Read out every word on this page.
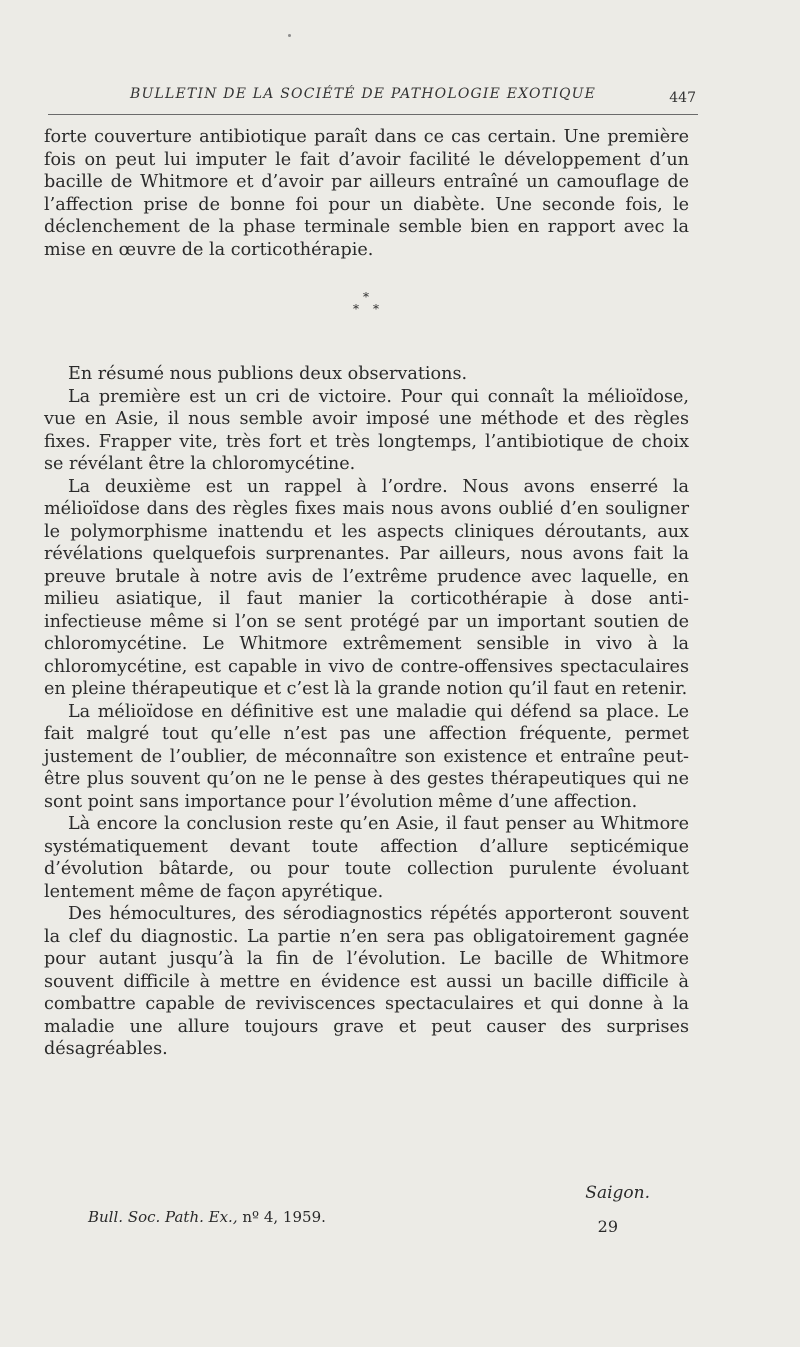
BULLETIN DE LA SOCIÉTÉ DE PATHOLOGIE EXOTIQUE	447

forte couverture antibiotique paraît dans ce cas certain. Une première fois on peut lui imputer le fait d’avoir facilité le développement d’un bacille de Whitmore et d’avoir par ailleurs entraîné un camouflage de l’affection prise de bonne foi pour un diabète. Une seconde fois, le déclenchement de la phase terminale semble bien en rapport avec la mise en œuvre de la corticothérapie.

*
* *

En résumé nous publions deux observations.

La première est un cri de victoire. Pour qui connaît la mélioïdose, vue en Asie, il nous semble avoir imposé une méthode et des règles fixes. Frapper vite, très fort et très longtemps, l’antibiotique de choix se révélant être la chloromycétine.

La deuxième est un rappel à l’ordre. Nous avons enserré la mélioïdose dans des règles fixes mais nous avons oublié d’en souligner le polymorphisme inattendu et les aspects cliniques déroutants, aux révélations quelquefois surprenantes. Par ailleurs, nous avons fait la preuve brutale à notre avis de l’extrême prudence avec laquelle, en milieu asiatique, il faut manier la corticothérapie à dose anti-infectieuse même si l’on se sent protégé par un important soutien de chloromycétine. Le Whitmore extrêmement sensible in vivo à la chloromycétine, est capable in vivo de contre-offensives spectaculaires en pleine thérapeutique et c’est là la grande notion qu’il faut en retenir.

La mélioïdose en définitive est une maladie qui défend sa place. Le fait malgré tout qu’elle n’est pas une affection fréquente, permet justement de l’oublier, de méconnaître son existence et entraîne peut-être plus souvent qu’on ne le pense à des gestes thérapeutiques qui ne sont point sans importance pour l’évolution même d’une affection.

Là encore la conclusion reste qu’en Asie, il faut penser au Whitmore systématiquement devant toute affection d’allure septicémique d’évolution bâtarde, ou pour toute collection purulente évoluant lentement même de façon apyrétique.

Des hémocultures, des sérodiagnostics répétés apporteront souvent la clef du diagnostic. La partie n’en sera pas obligatoirement gagnée pour autant jusqu’à la fin de l’évolution. Le bacille de Whitmore souvent difficile à mettre en évidence est aussi un bacille difficile à combattre capable de reviviscences spectaculaires et qui donne à la maladie une allure toujours grave et peut causer des surprises désagréables.

Saigon.
Bull. Soc. Path. Ex., nº 4, 1959.	29
